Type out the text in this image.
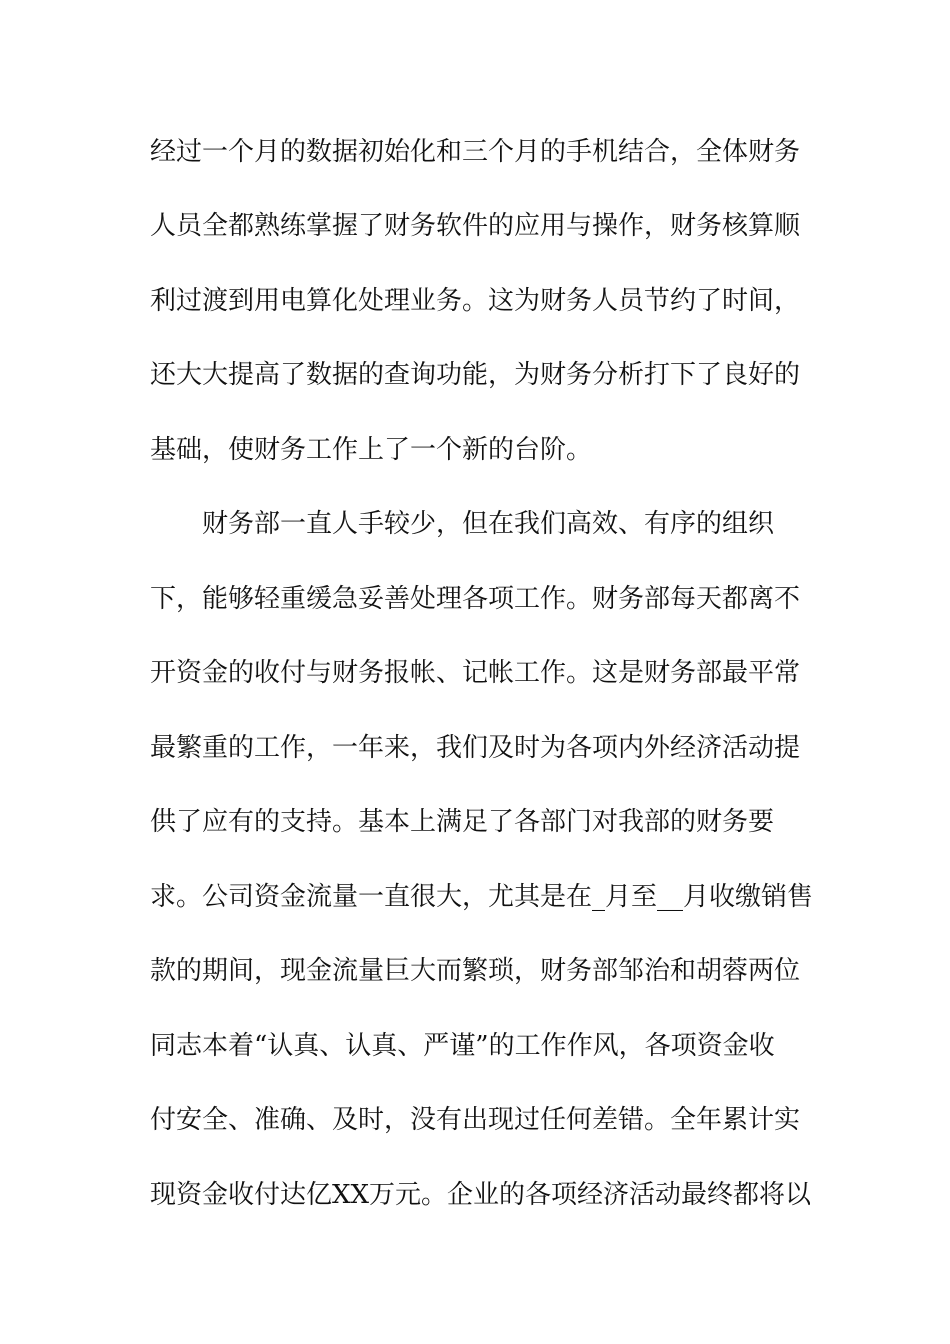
经过一个月的数据初始化和三个月的手机结合，全体财务
人员全都熟练掌握了财务软件的应用与操作，财务核算顺
利过渡到用电算化处理业务。这为财务人员节约了时间，
还大大提高了数据的查询功能，为财务分析打下了良好的
基础，使财务工作上了一个新的台阶。
财务部一直人手较少，但在我们高效、有序的组织
下，能够轻重缓急妥善处理各项工作。财务部每天都离不
开资金的收付与财务报帐、记帐工作。这是财务部最平常
最繁重的工作，一年来，我们及时为各项内外经济活动提
供了应有的支持。基本上满足了各部门对我部的财务要
求。公司资金流量一直很大，尤其是在_月至__月收缴销售
款的期间，现金流量巨大而繁琐，财务部邹治和胡蓉两位
同志本着“认真、认真、严谨”的工作作风，各项资金收
付安全、准确、及时，没有出现过任何差错。全年累计实
现资金收付达亿XX万元。企业的各项经济活动最终都将以
